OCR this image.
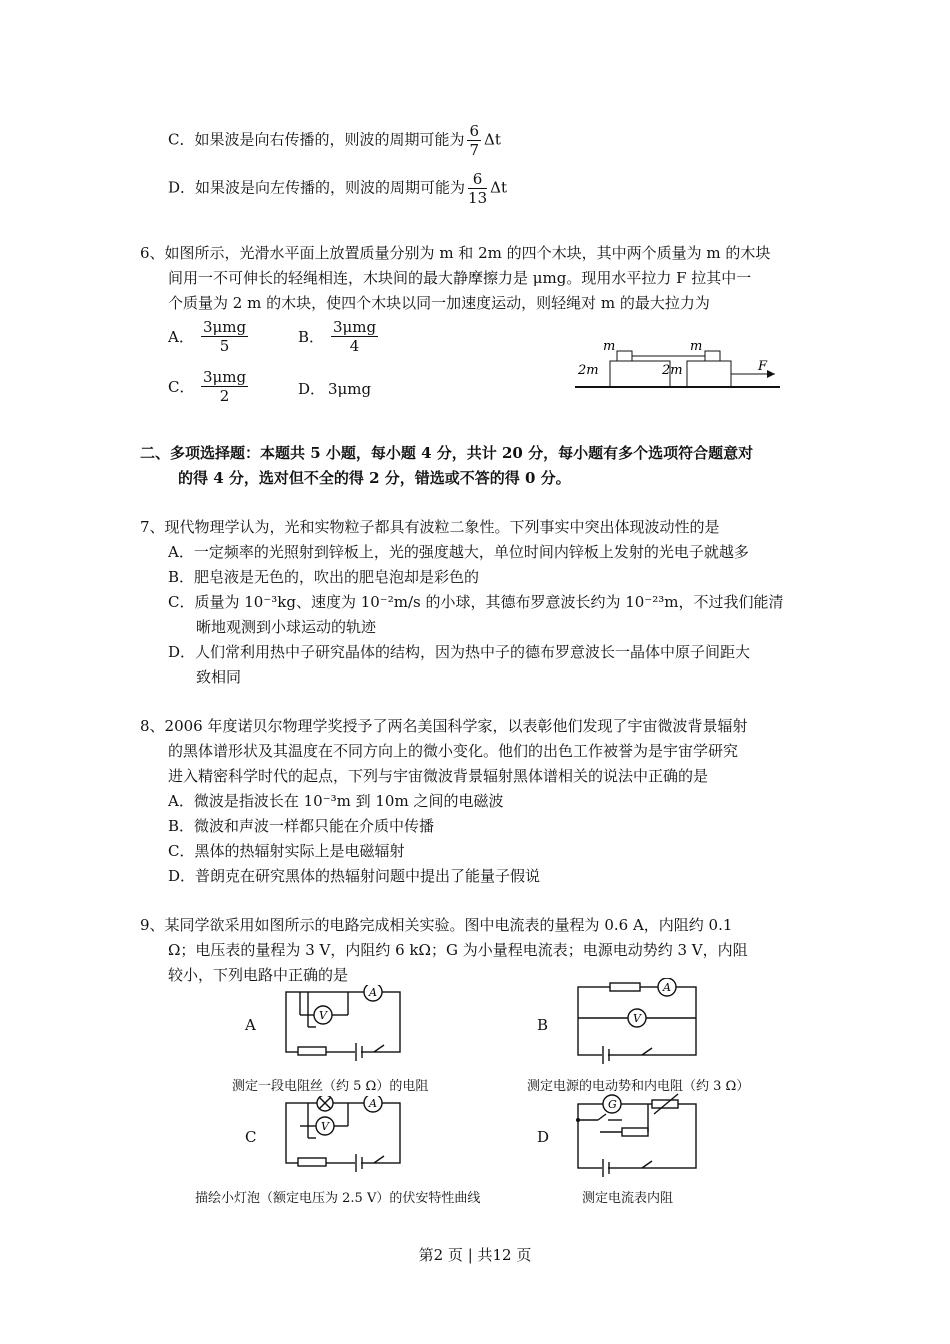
C．如果波是向右传播的，则波的周期可能为 $\frac{6}{7}$ Δt
D．如果波是向左传播的，则波的周期可能为 $\frac{6}{13}$ Δt
6、如图所示，光滑水平面上放置质量分别为 m 和 2m 的四个木块，其中两个质量为 m 的木块
间用一不可伸长的轻绳相连，木块间的最大静摩擦力是 μmg。现用水平拉力 F 拉其中一
个质量为 2 m 的木块，使四个木块以同一加速度运动，则轻绳对 m 的最大拉力为
A． $\frac{\text{3μmg}}{5}$	B． $\frac{\text{3μmg}}{4}$
C． $\frac{\text{3μmg}}{2}$	D． 3μmg
m	m
2m	2m	F
二、多项选择题：本题共 5 小题，每小题 4 分，共计 20 分，每小题有多个选项符合题意对
的得 4 分，选对但不全的得 2 分，错选或不答的得 0 分。
7、现代物理学认为，光和实物粒子都具有波粒二象性。下列事实中突出体现波动性的是
A．一定频率的光照射到锌板上，光的强度越大，单位时间内锌板上发射的光电子就越多
B．肥皂液是无色的，吹出的肥皂泡却是彩色的
C．质量为 10⁻³kg、速度为 10⁻²m/s 的小球，其德布罗意波长约为 10⁻²³m，不过我们能清
晰地观测到小球运动的轨迹
D．人们常利用热中子研究晶体的结构，因为热中子的德布罗意波长一晶体中原子间距大
致相同
8、2006 年度诺贝尔物理学奖授予了两名美国科学家，以表彰他们发现了宇宙微波背景辐射
的黑体谱形状及其温度在不同方向上的微小变化。他们的出色工作被誉为是宇宙学研究
进入精密科学时代的起点，下列与宇宙微波背景辐射黑体谱相关的说法中正确的是
A．微波是指波长在 10⁻³m 到 10m 之间的电磁波
B．微波和声波一样都只能在介质中传播
C．黑体的热辐射实际上是电磁辐射
D．普朗克在研究黑体的热辐射问题中提出了能量子假说
9、某同学欲采用如图所示的电路完成相关实验。图中电流表的量程为 0.6 A，内阻约 0.1
Ω；电压表的量程为 3 V，内阻约 6 kΩ；G 为小量程电流表；电源电动势约 3 V，内阻
较小，下列电路中正确的是
A
V
A
测定一段电阻丝（约 5 Ω）的电阻
B	V
A
测定电源的电动势和内电阻（约 3 Ω）
C
V
A
描绘小灯泡（额定电压为 2.5 V）的伏安特性曲线
D
G
测定电流表内阻
第2 页 | 共12 页
